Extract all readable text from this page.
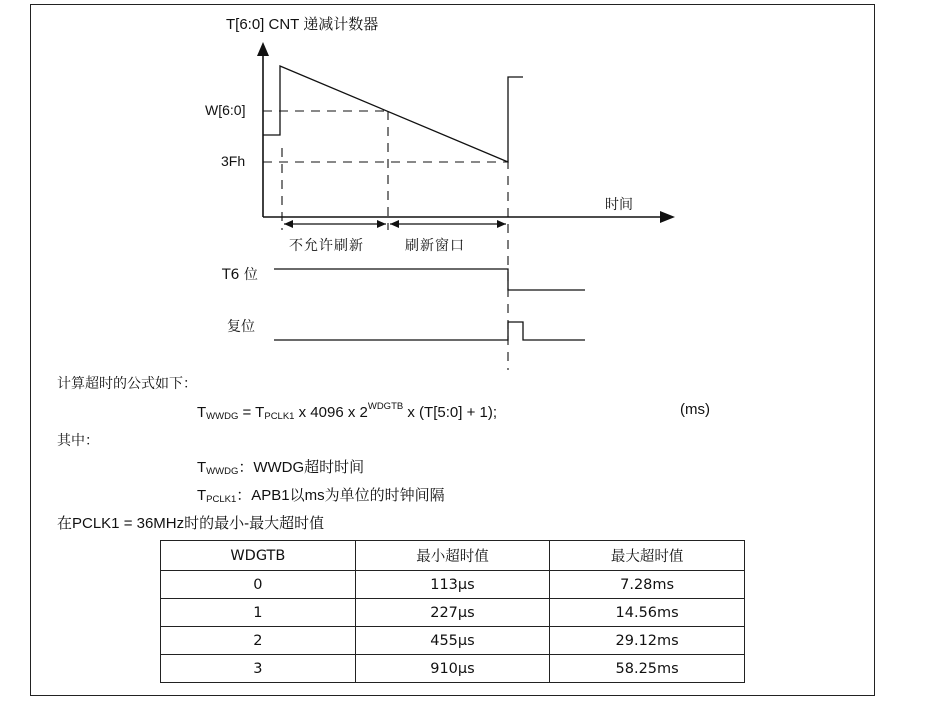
T[6:0] CNT 递减计数器
W[6:0]
3Fh
时间
不允许刷新	刷新窗口
T6 位
复位
计算超时的公式如下：
$T_{WWDG} = T_{PCLK1}$ x 4096 x $2^{WDGTB}$ x (T[5:0] + 1);	(ms)
其中：
$T_{WWDG}$：WWDG超时时间
$T_{PCLK1}$：APB1以ms为单位的时钟间隔
在PCLK1 = 36MHz时的最小-最大超时值
WDGTB	最小超时值	最大超时值
0	113µs	7.28ms
1	227µs	14.56ms
2	455µs	29.12ms
3	910µs	58.25ms
